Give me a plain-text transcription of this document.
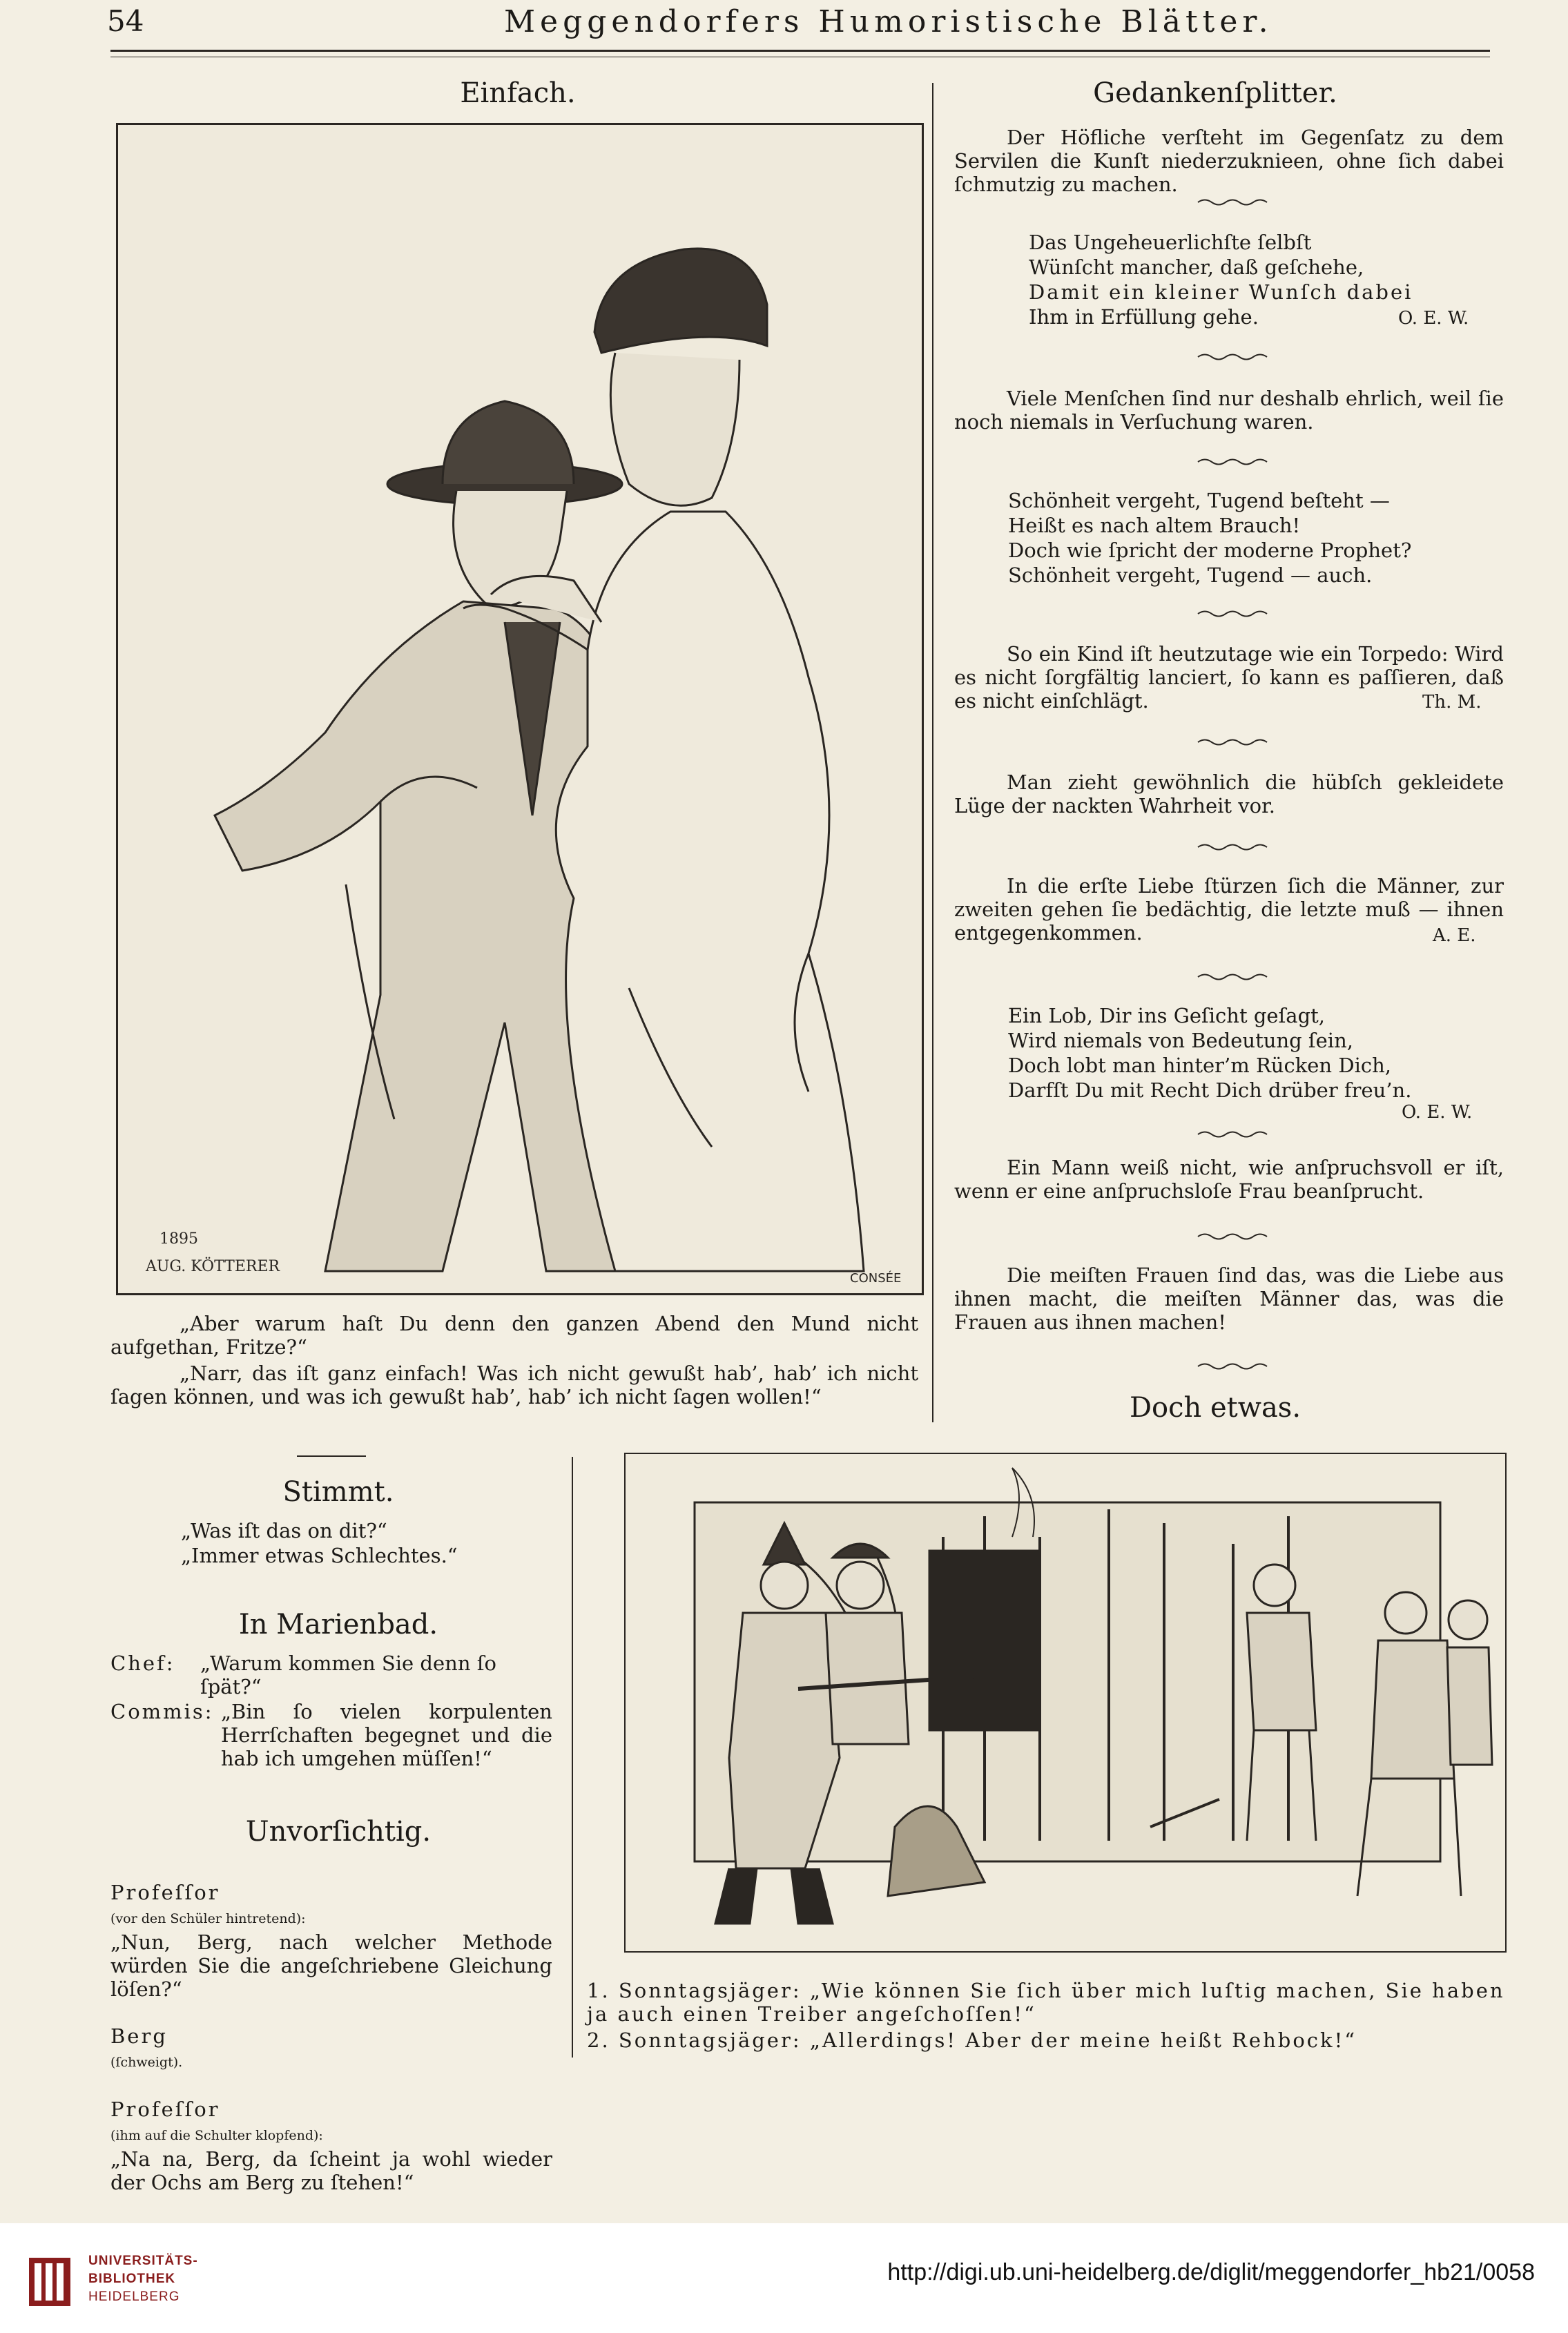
54	Meggendorfers Humoristische Blätter.
Einfach.
AUG. KÖTTERER
1895
CONSÉE
„Aber warum haſt Du denn den ganzen Abend den Mund nicht aufgethan, Fritze?“
„Narr, das iſt ganz einfach! Was ich nicht gewußt hab’, hab’ ich nicht ſagen können, und was ich gewußt hab’, hab’ ich nicht ſagen wollen!“
Stimmt.
„Was iſt das on dit?“
„Immer etwas Schlechtes.“
In Marienbad.
Chef: „Warum kommen Sie denn ſo ſpät?“
Commis: „Bin ſo vielen korpulenten Herrſchaften begegnet und die hab ich umgehen müſſen!“
Unvorſichtig.

Profeſſor
(vor den Schüler hintretend):
„Nun, Berg, nach welcher Methode würden Sie die angeſchriebene Gleichung löſen?“

Berg
(ſchweigt).

Profeſſor
(ihm auf die Schulter klopfend):
„Na na, Berg, da ſcheint ja wohl wieder der Ochs am Berg zu ſtehen!“

Gedankenſplitter.
Der Höfliche verſteht im Gegenſatz zu dem Servilen die Kunſt niederzuknieen, ohne ſich dabei ſchmutzig zu machen.
Das Ungeheuerlichſte ſelbſt
Wünſcht mancher, daß geſchehe,
Damit ein kleiner Wunſch dabei
Ihm in Erfüllung gehe.	O. E. W.
Viele Menſchen ſind nur deshalb ehrlich, weil ſie noch niemals in Verſuchung waren.
Schönheit vergeht, Tugend beſteht —
Heißt es nach altem Brauch!
Doch wie ſpricht der moderne Prophet?
Schönheit vergeht, Tugend — auch.
So ein Kind iſt heutzutage wie ein Torpedo: Wird es nicht ſorgfältig lanciert, ſo kann es paſſieren, daß es nicht einſchlägt.	Th. M.
Man zieht gewöhnlich die hübſch gekleidete Lüge der nackten Wahrheit vor.
In die erſte Liebe ſtürzen ſich die Männer, zur zweiten gehen ſie bedächtig, die letzte muß — ihnen entgegenkommen.	A. E.
Ein Lob, Dir ins Geſicht geſagt,
Wird niemals von Bedeutung ſein,
Doch lobt man hinter’m Rücken Dich,
Darfſt Du mit Recht Dich drüber freu’n.
O. E. W.
Ein Mann weiß nicht, wie anſpruchsvoll er iſt, wenn er eine anſpruchsloſe Frau beanſprucht.
Die meiſten Frauen ſind das, was die Liebe aus ihnen macht, die meiſten Männer das, was die Frauen aus ihnen machen!
Doch etwas.
1. Sonntagsjäger: „Wie können Sie ſich über mich luſtig machen, Sie haben ja auch einen Treiber angeſchoſſen!“
2. Sonntagsjäger: „Allerdings! Aber der meine heißt Rehbock!“
UNIVERSITÄTS-
BIBLIOTHEK
HEIDELBERG
http://digi.ub.uni-heidelberg.de/diglit/meggendorfer_hb21/0058
